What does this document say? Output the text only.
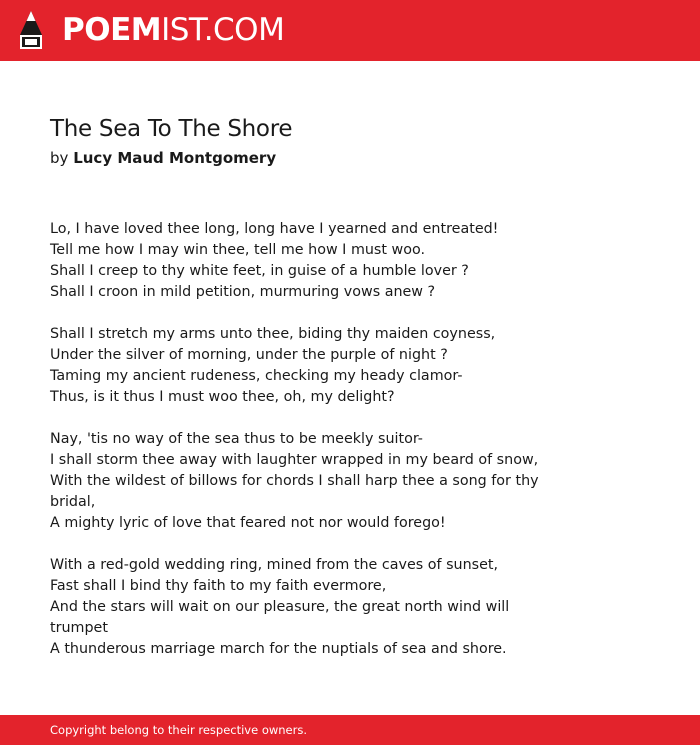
POEMIST.COM
The Sea To The Shore
by Lucy Maud Montgomery
Lo, I have loved thee long, long have I yearned and entreated!
Tell me how I may win thee, tell me how I must woo.
Shall I creep to thy white feet, in guise of a humble lover ?
Shall I croon in mild petition, murmuring vows anew ?
Shall I stretch my arms unto thee, biding thy maiden coyness,
Under the silver of morning, under the purple of night ?
Taming my ancient rudeness, checking my heady clamor-
Thus, is it thus I must woo thee, oh, my delight?
Nay, 'tis no way of the sea thus to be meekly suitor-
I shall storm thee away with laughter wrapped in my beard of snow,
With the wildest of billows for chords I shall harp thee a song for thy bridal,
A mighty lyric of love that feared not nor would forego!
With a red-gold wedding ring, mined from the caves of sunset,
Fast shall I bind thy faith to my faith evermore,
And the stars will wait on our pleasure, the great north wind will trumpet
A thunderous marriage march for the nuptials of sea and shore.
Copyright belong to their respective owners.
